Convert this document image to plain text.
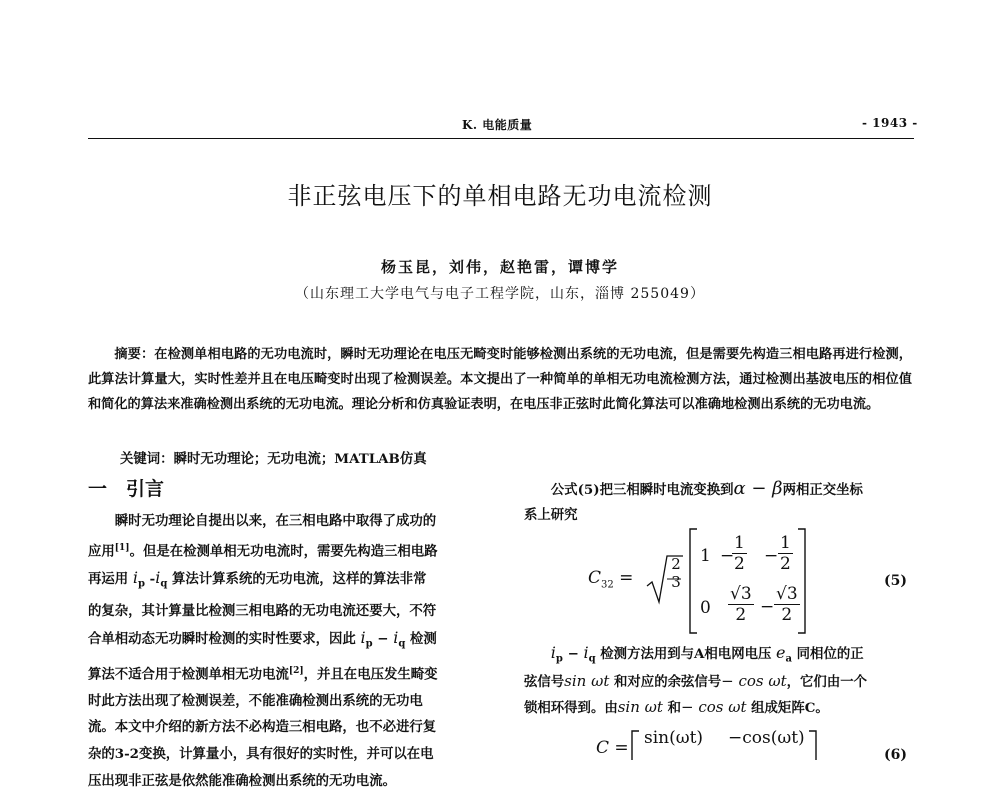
K. 电能质量	- 1943 -
非正弦电压下的单相电路无功电流检测
杨玉昆，刘伟，赵艳雷，谭博学
（山东理工大学电气与电子工程学院，山东，淄博 255049）
摘要：在检测单相电路的无功电流时，瞬时无功理论在电压无畸变时能够检测出系统的无功电流，但是需要先构造三相电路再进行检测，此算法计算量大，实时性差并且在电压畸变时出现了检测误差。本文提出了一种简单的单相无功电流检测方法，通过检测出基波电压的相位值和简化的算法来准确检测出系统的无功电流。理论分析和仿真验证表明，在电压非正弦时此简化算法可以准确地检测出系统的无功电流。
关键词：瞬时无功理论；无功电流；MATLAB仿真
一　引言
瞬时无功理论自提出以来，在三相电路中取得了成功的
应用[1]。但是在检测单相无功电流时，需要先构造三相电路
再运用 $i_p$ $-i_q$ 算法计算系统的无功电流，这样的算法非常
的复杂，其计算量比检测三相电路的无功电流还要大，不符
合单相动态无功瞬时检测的实时性要求，因此 $i_p - i_q$ 检测
算法不适合用于检测单相无功电流[2]，并且在电压发生畸变
时此方法出现了检测误差，不能准确检测出系统的无功电
流。本文中介绍的新方法不必构造三相电路，也不必进行复
杂的3-2变换，计算量小，具有很好的实时性，并可以在电
压出现非正弦是依然能准确检测出系统的无功电流。
公式(5)把三相瞬时电流变换到α − β两相正交坐标
系上研究
$C_{32}$ =
2
3
1 −
$\frac{1}{2} - \frac{1}{2}$
$0 \frac{√3}{2} - \frac{√3}{2}$
(5)
$i_p - i_q$ 检测方法用到与A相电网电压 $e_a$ 同相位的正
弦信号sin ωt 和对应的余弦信号− cos ωt，它们由一个
锁相环得到。由sin ωt 和− cos ωt 组成矩阵C。
C = sin(ωt) −cos(ωt)
(6)
